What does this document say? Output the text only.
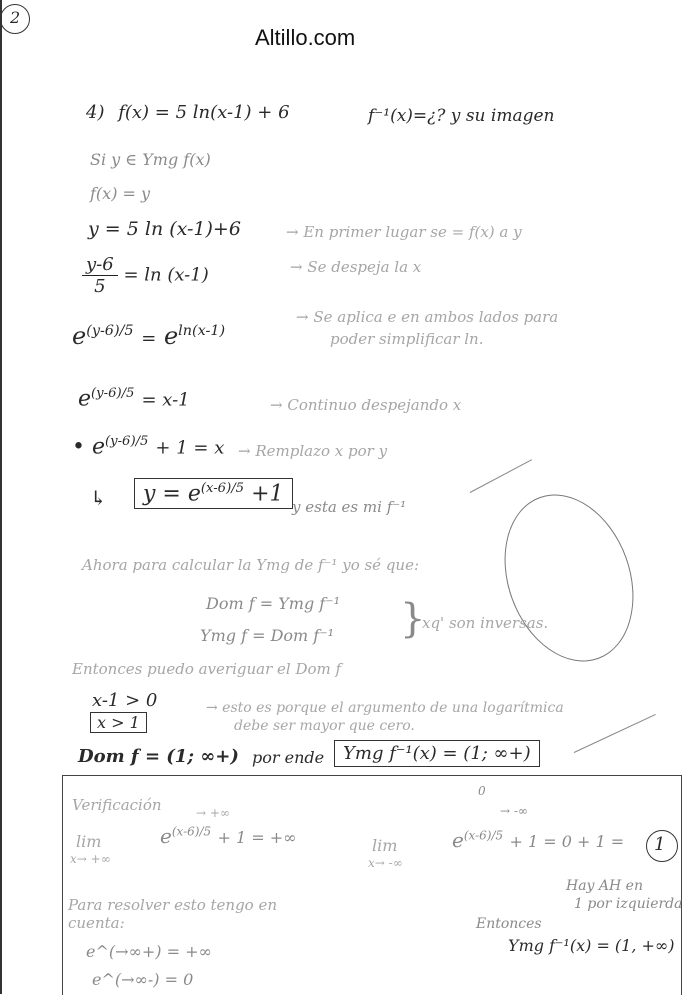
2
Altillo.com
4) f(x) = 5 ln(x-1) + 6	f⁻¹(x)=¿? y su imagen
Si y ∈ Ymg f(x)
f(x) = y
y = 5 ln (x-1)+6	→ En primer lugar se = f(x) a y
$\frac{y-6}{5} = \ln (x-1)$	→ Se despeja la x
$e^{(y-6)/5} = e^{ln(x-1)}$
→ Se aplica e en ambos lados para
poder simplificar ln.
$e^{(y-6)/5} = x-1$	→ Continuo despejando x
• $e^{(y-6)/5} + 1 = x$ → Remplazo x por y
↳	$y = e^{(x-6)/5} +1$
y esta es mi f⁻¹
Ahora para calcular la Ymg de f⁻¹ yo sé que:
Dom f = Ymg f⁻¹
Ymg f = Dom f⁻¹ }
xq' son inversas.
Entonces puedo averiguar el Dom f
x-1 > 0
x > 1
→ esto es porque el argumento de una logarítmica
debe ser mayor que cero.
Dom f = (1; ∞+) por ende	Ymg f⁻¹(x) = (1; ∞+)
Verificación
lim
x→ +∞
→ +∞
$e^{(x-6)/5} + 1$ = +∞	lim
x→ -∞
0
→ -∞
$e^{(x-6)/5} + 1 = 0 + 1 = 1$
Hay AH en
1 por izquierda
Entonces
Ymg f⁻¹(x) = (1, +∞)
Para resolver esto tengo en
cuenta:
e^(→∞+) = +∞
e^(→∞-) = 0
